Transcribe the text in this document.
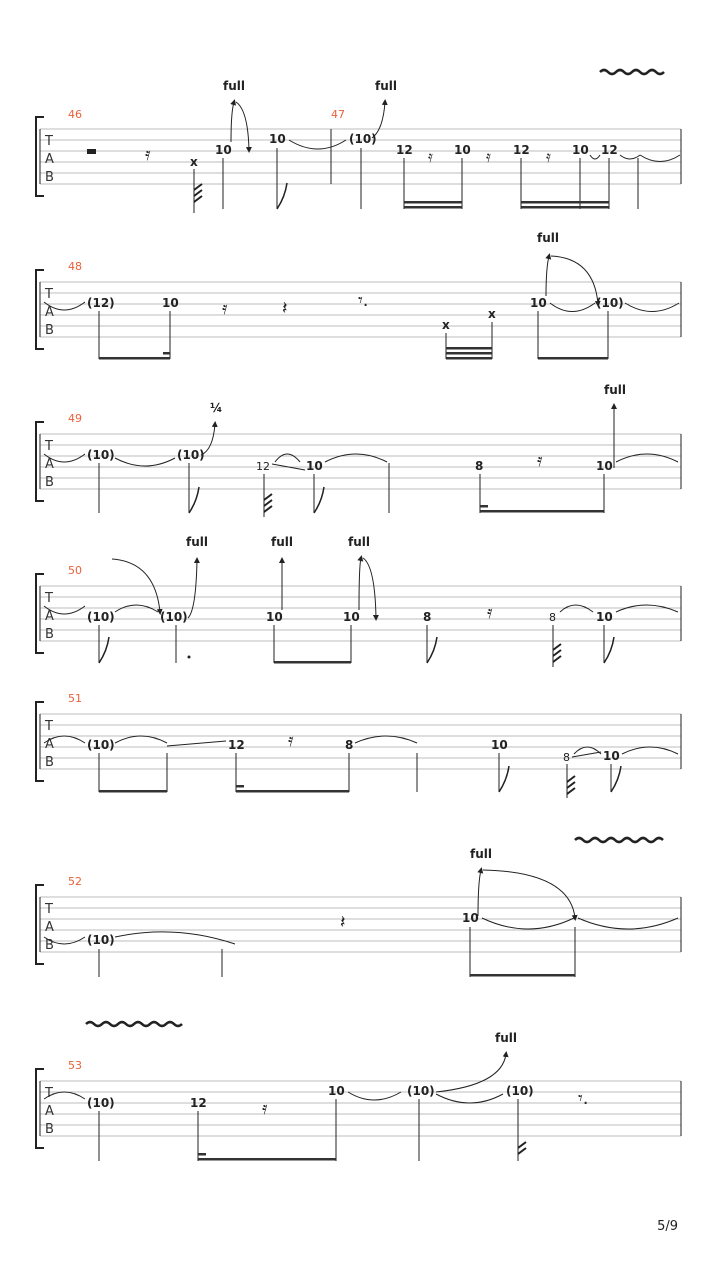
T
A
B
46	47
𝄿	x
10
10	(10)
12	10	12	10 12
full	full
𝄿	𝄿	𝄿
T
A
B
48
(12)	10
x
x
10	(10)
full
𝄿	𝄽	𝄾.
T
A
B
49
(10)	(10)
10	8	10
¼
full
12	𝄿
T
A
B
50
(10)	(10)	10	10	8	10
full	full	full
8
𝄿
T
A
B
51
(10)	12	8	10
10
8
𝄿
T
A
B
52
(10)
10
full
𝄽
T
A
B
53
(10)	12
10	(10)	(10)
full
𝄿	𝄾.
5/9
